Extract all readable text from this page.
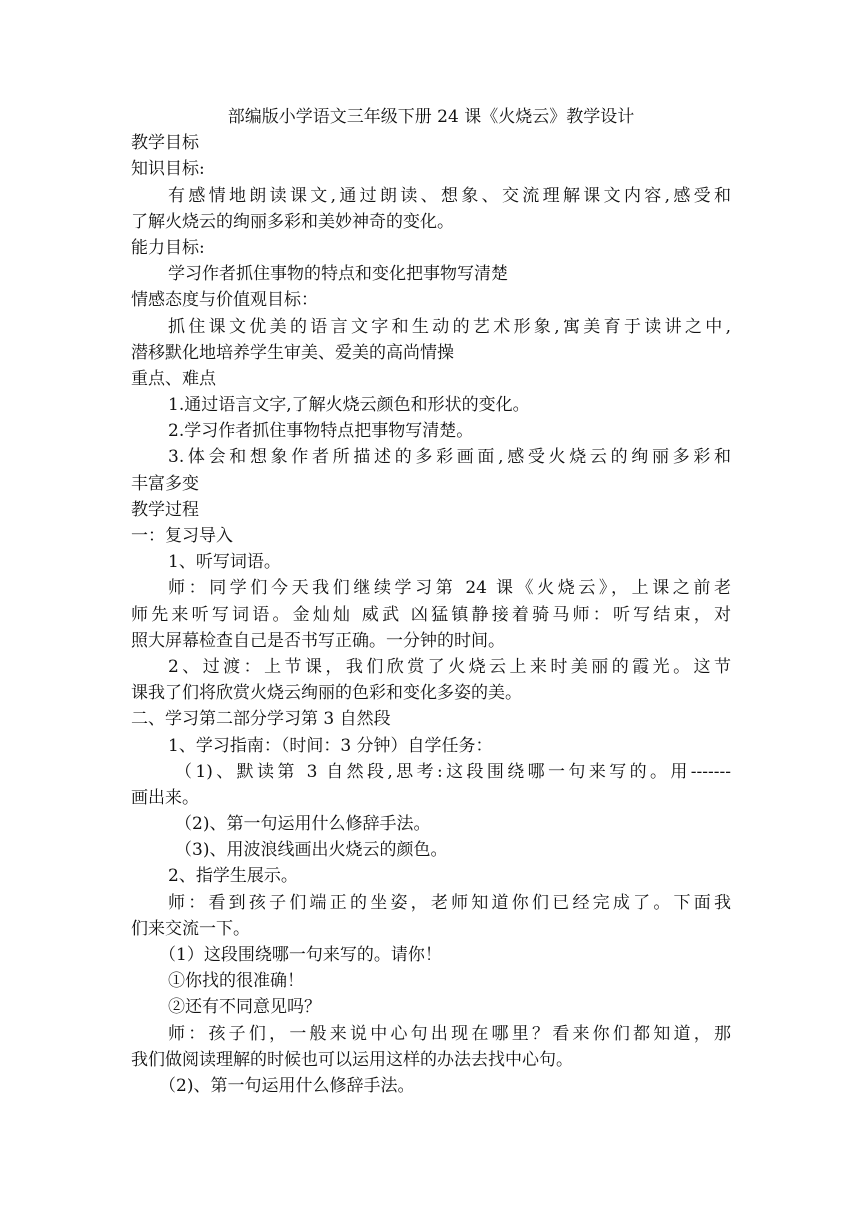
部编版小学语文三年级下册 24 课《火烧云》教学设计
教学目标
知识目标:
有感情地朗读课文,通过朗读、想象、交流理解课文内容,感受和
了解火烧云的绚丽多彩和美妙神奇的变化。
能力目标:
学习作者抓住事物的特点和变化把事物写清楚
情感态度与价值观目标：
抓住课文优美的语言文字和生动的艺术形象,寓美育于读讲之中,
潜移默化地培养学生审美、爱美的高尚情操
重点、难点
1.通过语言文字,了解火烧云颜色和形状的变化。
2.学习作者抓住事物特点把事物写清楚。
3.体会和想象作者所描述的多彩画面,感受火烧云的绚丽多彩和
丰富多变
教学过程
一：复习导入
1、听写词语。
师：同学们今天我们继续学习第 24 课《火烧云》，上课之前老
师先来听写词语。金灿灿 威武 凶猛镇静接着骑马师：听写结束，对
照大屏幕检查自己是否书写正确。一分钟的时间。
2、过渡：上节课，我们欣赏了火烧云上来时美丽的霞光。这节
课我了们将欣赏火烧云绚丽的色彩和变化多姿的美。
二、学习第二部分学习第 3 自然段
1、学习指南：（时间：3 分钟）自学任务：
（1)、默读第 3 自然段,思考:这段围绕哪一句来写的。用-------
画出来。
（2)、第一句运用什么修辞手法。
（3)、用波浪线画出火烧云的颜色。
2、指学生展示。
师：看到孩子们端正的坐姿，老师知道你们已经完成了。下面我
们来交流一下。
（1）这段围绕哪一句来写的。请你！
①你找的很准确！
②还有不同意见吗？
师：孩子们，一般来说中心句出现在哪里？看来你们都知道，那
我们做阅读理解的时候也可以运用这样的办法去找中心句。
（2)、第一句运用什么修辞手法。
